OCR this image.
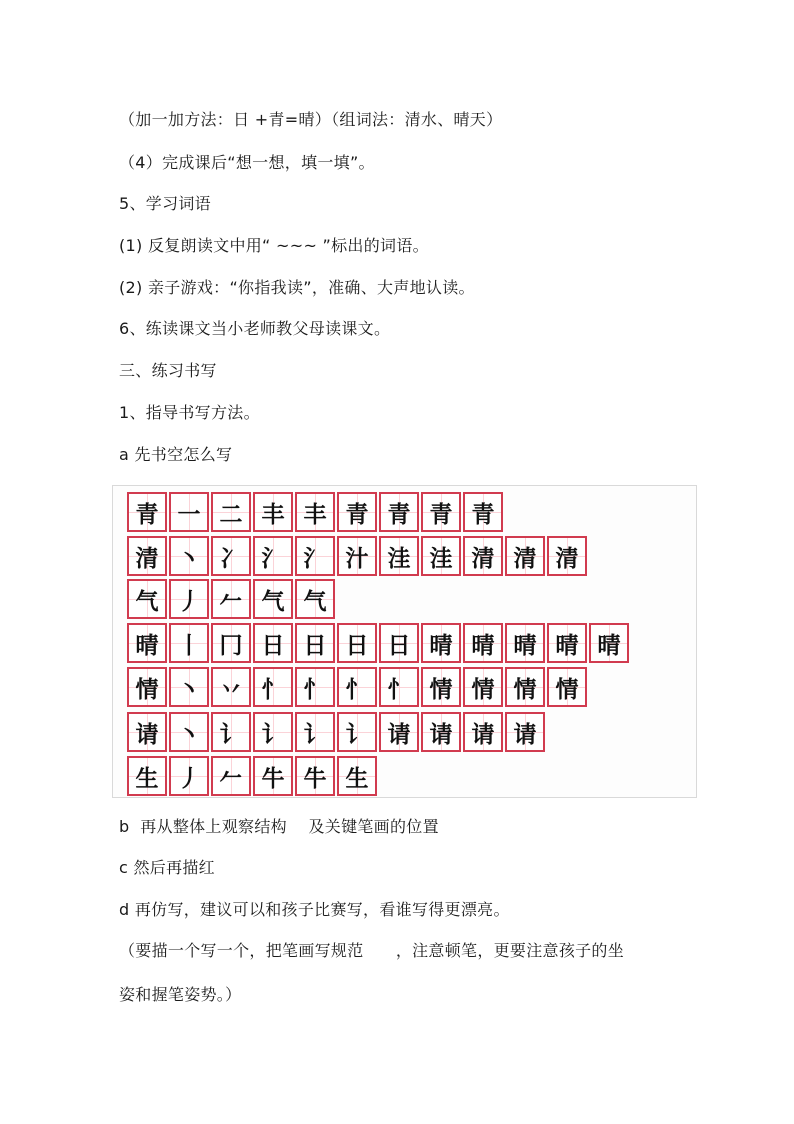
（加一加方法：日 +青=晴）（组词法：清水、晴天）
（4）完成课后“想一想，填一填”。
5、学习词语
(1) 反复朗读文中用“ ~~~ ”标出的词语。
(2) 亲子游戏：“你指我读”，准确、大声地认读。
6、练读课文当小老师教父母读课文。
三、练习书写
1、指导书写方法。
a 先书空怎么写
青 一 二 丰 丰 青 青 青 青
清 丶 冫 氵 氵 汁 洼 洼 清 清 清
气 丿 𠂉 气 气
晴 丨 冂 日 日 日 日 晴 晴 晴 晴 晴
情 丶 丷 忄 忄 忄 忄 情 情 情 情
请 丶 讠 讠 讠 讠 请 请 请 请
生 丿 𠂉 牛 牛 生
b  再从整体上观察结构    及关键笔画的位置
c 然后再描红
d 再仿写，建议可以和孩子比赛写，看谁写得更漂亮。
（要描一个写一个，把笔画写规范      ，注意顿笔，更要注意孩子的坐
姿和握笔姿势。）
